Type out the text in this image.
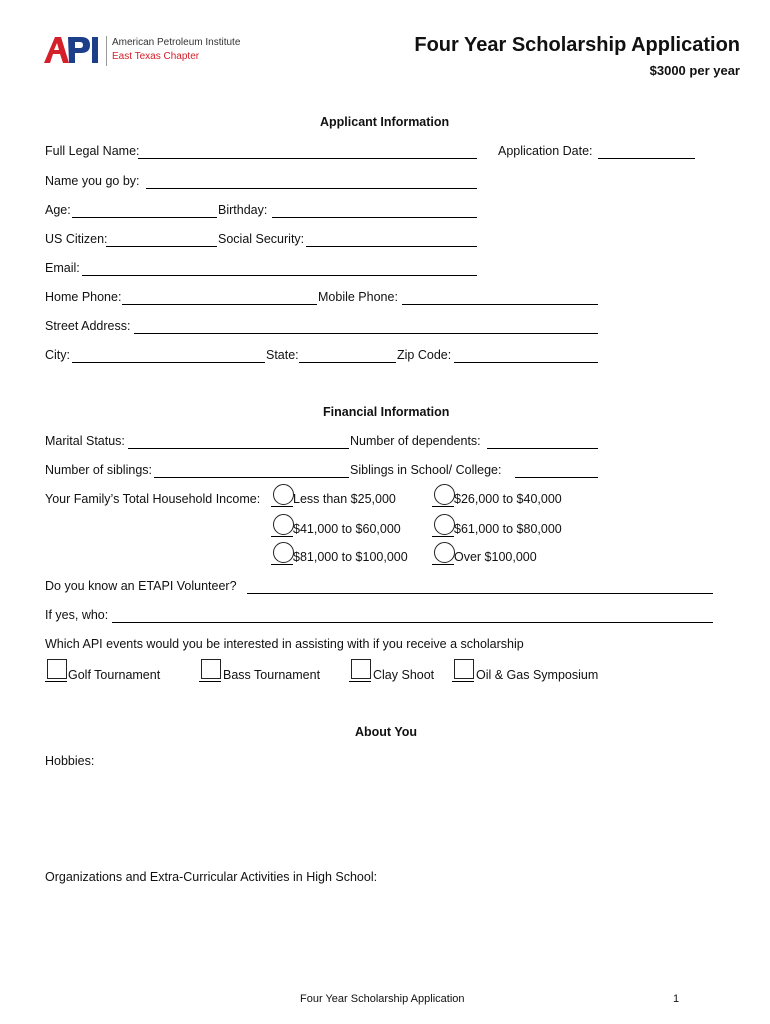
American Petroleum Institute
East Texas Chapter
Four Year Scholarship Application
$3000 per year
Applicant Information
Full Legal Name:	Application Date:
Name you go by:
Age:	Birthday:
US Citizen:	Social Security:
Email:
Home Phone:	Mobile Phone:
Street Address:
City:	State:	Zip Code:
Financial Information
Marital Status:	Number of dependents:
Number of siblings:	Siblings in School/ College:
Your Family’s Total Household Income:	Less than $25,000	$26,000 to $40,000
$41,000 to $60,000	$61,000 to $80,000
$81,000 to $100,000	Over $100,000
Do you know an ETAPI Volunteer?
If yes, who:
Which API events would you be interested in assisting with if you receive a scholarship
Golf Tournament	Bass Tournament	Clay Shoot	Oil & Gas Symposium
About You
Hobbies:
Organizations and Extra-Curricular Activities in High School:
Four Year Scholarship Application	1
